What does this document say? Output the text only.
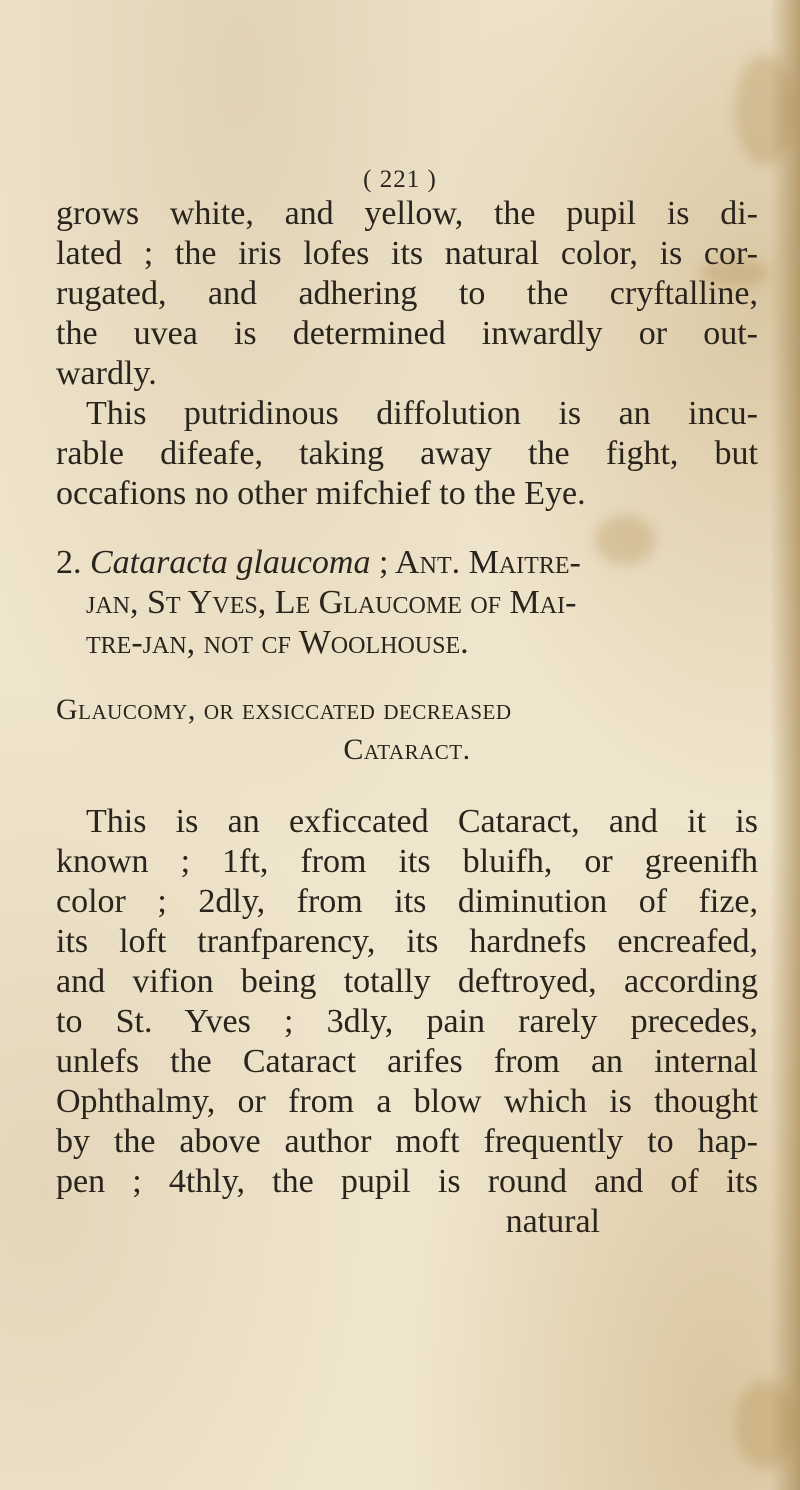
( 221 )
grows white, and yellow, the pupil is di-
lated ; the iris lofes its natural color, is cor-
rugated, and adhering to the cryftalline,
the uvea is determined inwardly or out-
wardly.
This putridinous diffolution is an incu-
rable difeafe, taking away the fight, but
occafions no other mifchief to the Eye.
2. Cataracta glaucoma ; Ant. Maitre-
jan, St Yves, Le Glaucome of Mai-
tre-jan, not cf Woolhouse.
Glaucomy, or exsiccated decreased
Cataract.
This is an exficcated Cataract, and it is
known ; 1ft, from its bluifh, or greenifh
color ; 2dly, from its diminution of fize,
its loft tranfparency, its hardnefs encreafed,
and vifion being totally deftroyed, according
to St. Yves ; 3dly, pain rarely precedes,
unlefs the Cataract arifes from an internal
Ophthalmy, or from a blow which is thought
by the above author moft frequently to hap-
pen ; 4thly, the pupil is round and of its
natural
